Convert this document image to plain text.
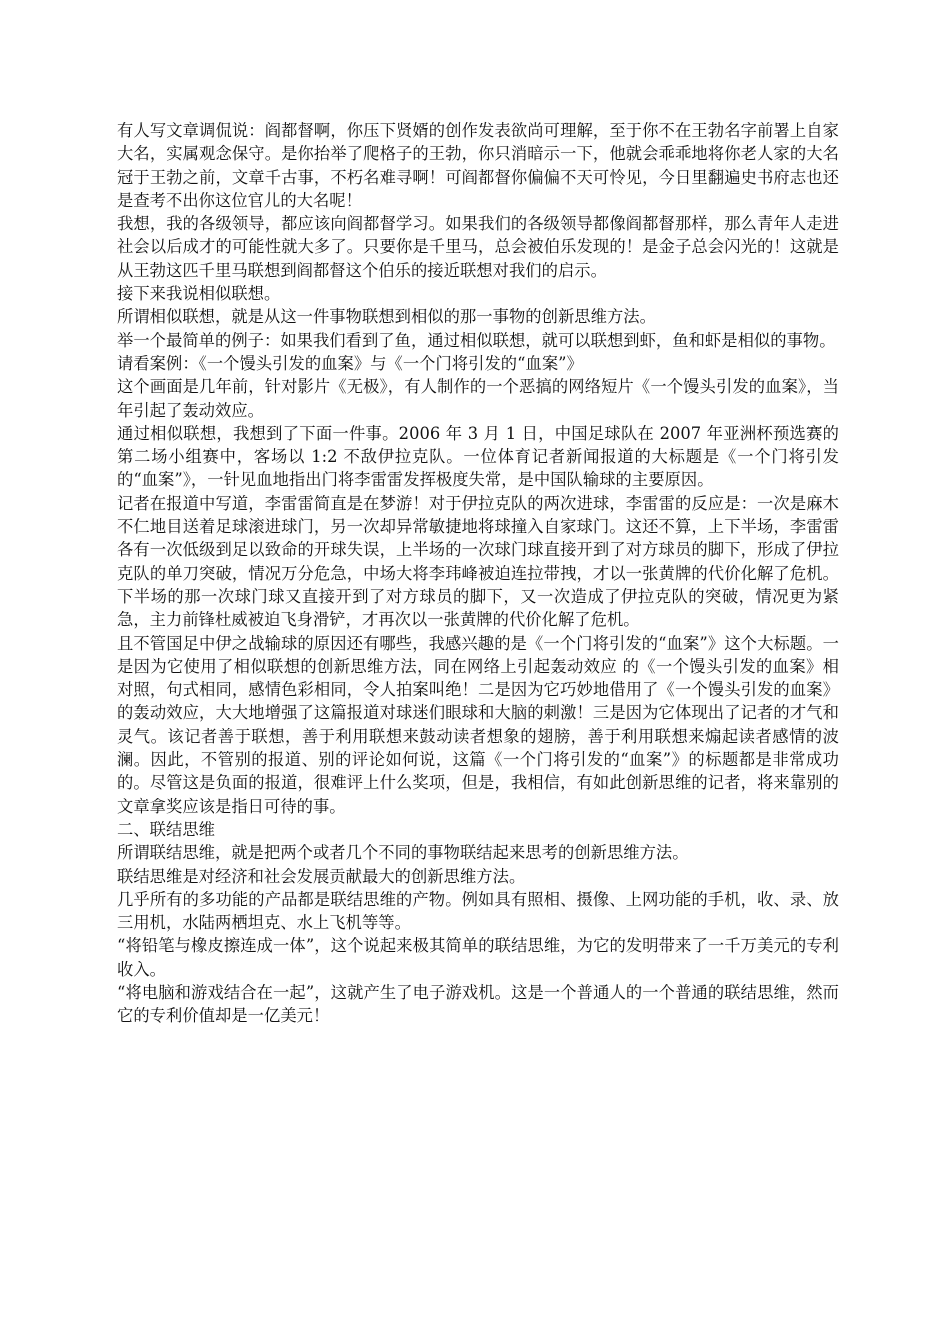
有人写文章调侃说：阎都督啊，你压下贤婿的创作发表欲尚可理解，至于你不在王勃名字前署上自家大名，实属观念保守。是你抬举了爬格子的王勃，你只消暗示一下，他就会乖乖地将你老人家的大名冠于王勃之前，文章千古事，不朽名难寻啊！可阎都督你偏偏不天可怜见，今日里翻遍史书府志也还是查考不出你这位官儿的大名呢！

我想，我的各级领导，都应该向阎都督学习。如果我们的各级领导都像阎都督那样，那么青年人走进社会以后成才的可能性就大多了。只要你是千里马，总会被伯乐发现的！是金子总会闪光的！这就是从王勃这匹千里马联想到阎都督这个伯乐的接近联想对我们的启示。

接下来我说相似联想。

所谓相似联想，就是从这一件事物联想到相似的那一事物的创新思维方法。

举一个最简单的例子：如果我们看到了鱼，通过相似联想，就可以联想到虾，鱼和虾是相似的事物。

请看案例：《一个馒头引发的血案》与《一个门将引发的“血案”》

这个画面是几年前，针对影片《无极》，有人制作的一个恶搞的网络短片《一个馒头引发的血案》，当年引起了轰动效应。

通过相似联想，我想到了下面一件事。2006 年 3 月 1 日，中国足球队在 2007 年亚洲杯预选赛的第二场小组赛中，客场以 1:2 不敌伊拉克队。一位体育记者新闻报道的大标题是《一个门将引发的“血案”》，一针见血地指出门将李雷雷发挥极度失常，是中国队输球的主要原因。

记者在报道中写道，李雷雷简直是在梦游！对于伊拉克队的两次进球，李雷雷的反应是：一次是麻木不仁地目送着足球滚进球门，另一次却异常敏捷地将球撞入自家球门。这还不算，上下半场，李雷雷各有一次低级到足以致命的开球失误，上半场的一次球门球直接开到了对方球员的脚下，形成了伊拉克队的单刀突破，情况万分危急，中场大将李玮峰被迫连拉带拽，才以一张黄牌的代价化解了危机。下半场的那一次球门球又直接开到了对方球员的脚下，又一次造成了伊拉克队的突破，情况更为紧急，主力前锋杜威被迫飞身滑铲，才再次以一张黄牌的代价化解了危机。

且不管国足中伊之战输球的原因还有哪些，我感兴趣的是《一个门将引发的“血案”》这个大标题。一是因为它使用了相似联想的创新思维方法，同在网络上引起轰动效应 的《一个馒头引发的血案》相对照，句式相同，感情色彩相同，令人拍案叫绝！二是因为它巧妙地借用了《一个馒头引发的血案》的轰动效应，大大地增强了这篇报道对球迷们眼球和大脑的刺激！三是因为它体现出了记者的才气和灵气。该记者善于联想，善于利用联想来鼓动读者想象的翅膀，善于利用联想来煽起读者感情的波澜。因此，不管别的报道、别的评论如何说，这篇《一个门将引发的“血案”》的标题都是非常成功的。尽管这是负面的报道，很难评上什么奖项，但是，我相信，有如此创新思维的记者，将来靠别的文章拿奖应该是指日可待的事。

二、联结思维

所谓联结思维，就是把两个或者几个不同的事物联结起来思考的创新思维方法。

联结思维是对经济和社会发展贡献最大的创新思维方法。

几乎所有的多功能的产品都是联结思维的产物。例如具有照相、摄像、上网功能的手机，收、录、放三用机，水陆两栖坦克、水上飞机等等。

“将铅笔与橡皮擦连成一体”，这个说起来极其简单的联结思维，为它的发明带来了一千万美元的专利收入。

“将电脑和游戏结合在一起”，这就产生了电子游戏机。这是一个普通人的一个普通的联结思维，然而它的专利价值却是一亿美元！
